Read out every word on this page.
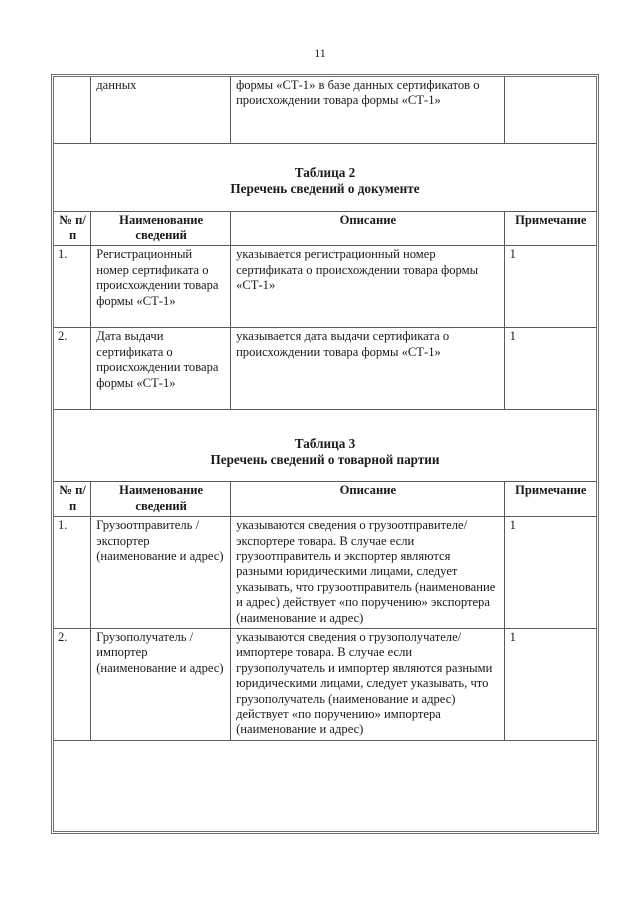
11
	данных	формы «СТ-1» в базе данных сертификатов о происхождении товара формы «СТ-1»	
Таблица 2
Перечень сведений о документе
№ п/п	Наименование сведений	Описание	Примечание
1.	Регистрационный номер сертификата о происхождении товара формы «СТ-1»	указывается регистрационный номер сертификата о происхождении товара формы «СТ-1»	1
2.	Дата выдачи сертификата о происхождении товара формы «СТ-1»	указывается дата выдачи сертификата о происхождении товара формы «СТ-1»	1
Таблица 3
Перечень сведений о товарной партии
№ п/п	Наименование сведений	Описание	Примечание
1.	Грузоотправитель / экспортер (наименование и адрес)	указываются сведения о грузоотправителе/экспортере товара. В случае если грузоотправитель и экспортер являются разными юридическими лицами, следует указывать, что грузоотправитель (наименование и адрес) действует «по поручению» экспортера (наименование и адрес)	1
2.	Грузополучатель / импортер (наименование и адрес)	указываются сведения о грузополучателе/импортере товара. В случае если грузополучатель и импортер являются разными юридическими лицами, следует указывать, что грузополучатель (наименование и адрес) действует «по поручению» импортера (наименование и адрес)	1
